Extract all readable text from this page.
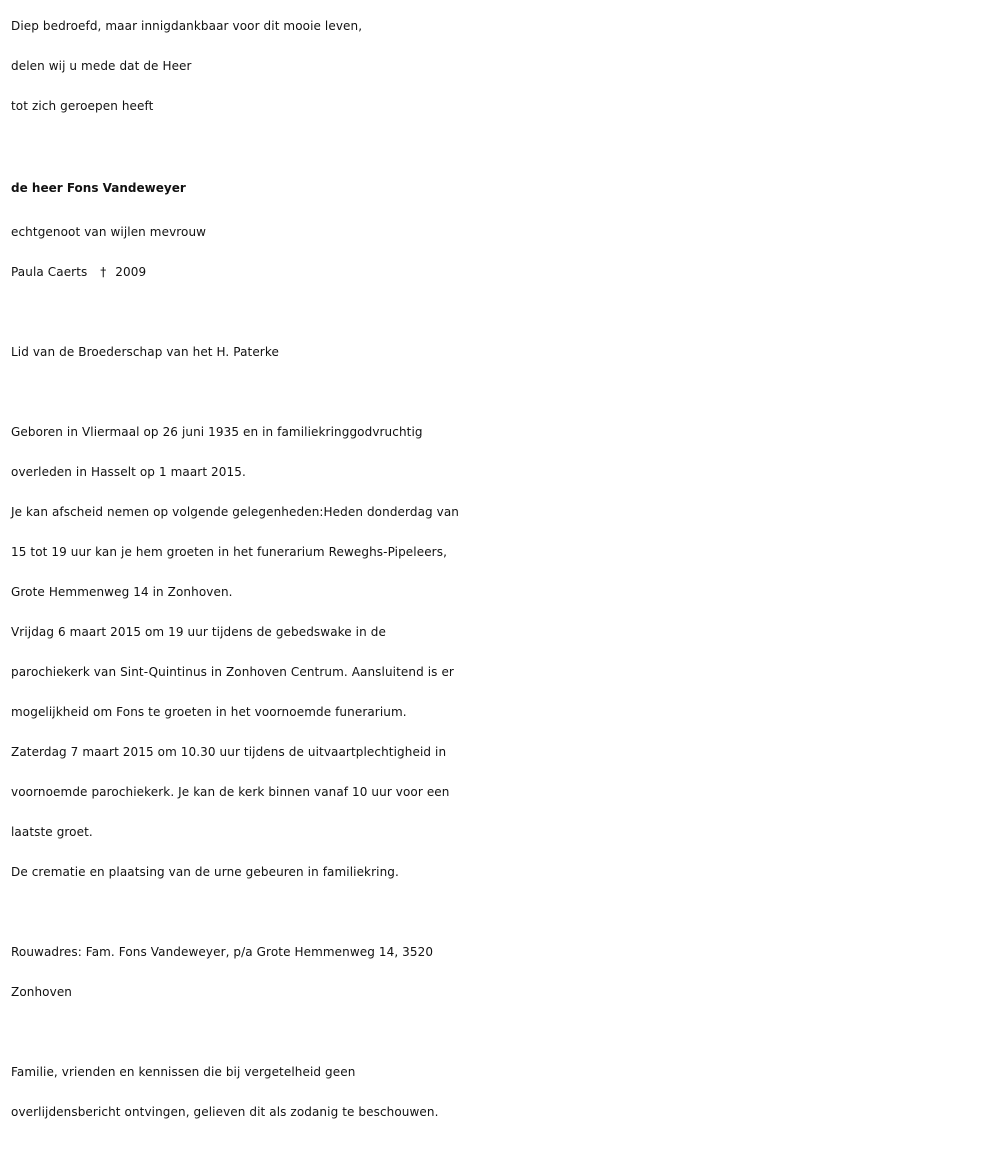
Diep bedroefd, maar innigdankbaar voor dit mooie leven,
delen wij u mede dat de Heer
tot zich geroepen heeft
de heer Fons Vandeweyer
echtgenoot van wijlen mevrouw
Paula Caerts † 2009
Lid van de Broederschap van het H. Paterke
Geboren in Vliermaal op 26 juni 1935 en in familiekringgodvruchtig
overleden in Hasselt op 1 maart 2015.
Je kan afscheid nemen op volgende gelegenheden:Heden donderdag van
15 tot 19 uur kan je hem groeten in het funerarium Reweghs-Pipeleers,
Grote Hemmenweg 14 in Zonhoven.
Vrijdag 6 maart 2015 om 19 uur tijdens de gebedswake in de
parochiekerk van Sint-Quintinus in Zonhoven Centrum. Aansluitend is er
mogelijkheid om Fons te groeten in het voornoemde funerarium.
Zaterdag 7 maart 2015 om 10.30 uur tijdens de uitvaartplechtigheid in
voornoemde parochiekerk. Je kan de kerk binnen vanaf 10 uur voor een
laatste groet.
De crematie en plaatsing van de urne gebeuren in familiekring.
Rouwadres: Fam. Fons Vandeweyer, p/a Grote Hemmenweg 14, 3520
Zonhoven
Familie, vrienden en kennissen die bij vergetelheid geen
overlijdensbericht ontvingen, gelieven dit als zodanig te beschouwen.
